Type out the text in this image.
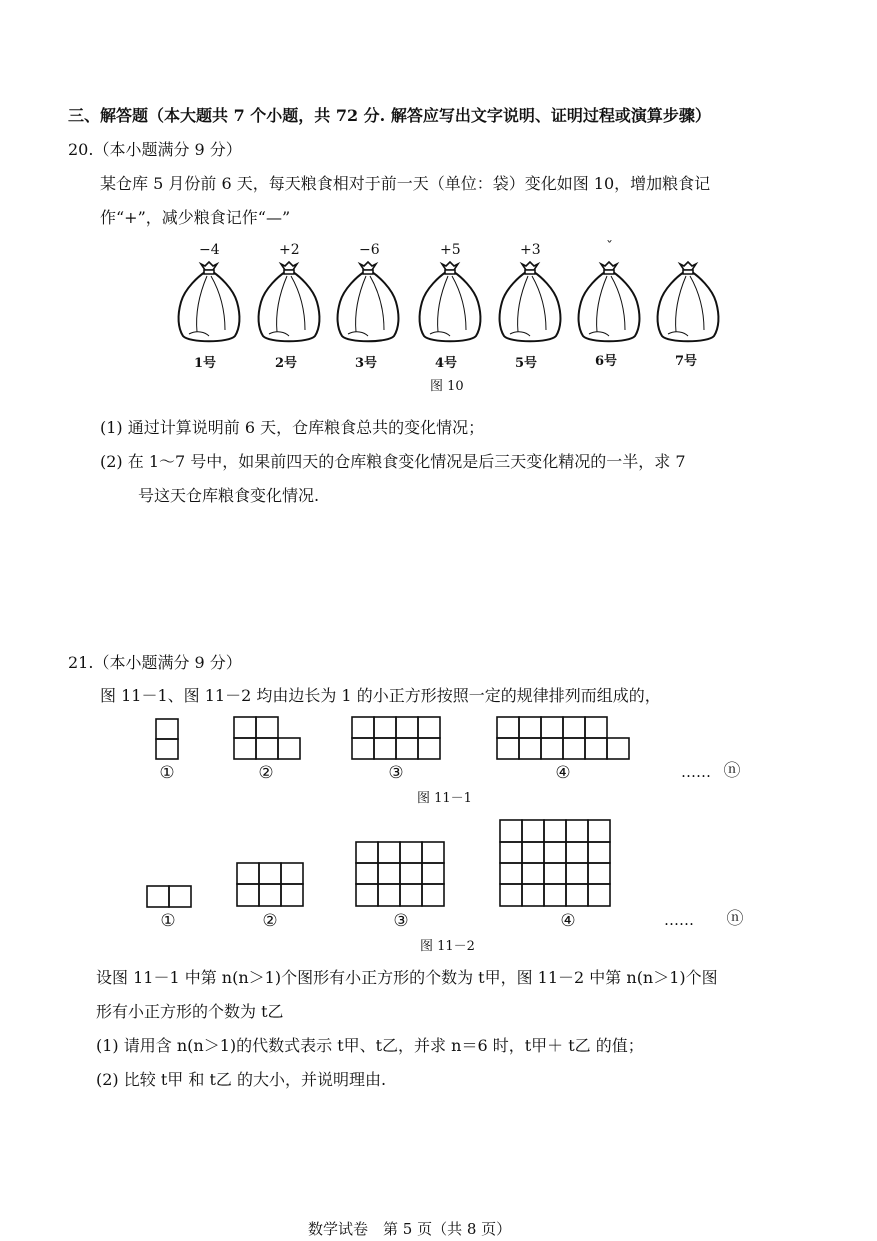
三、解答题（本大题共 7 个小题，共 72 分. 解答应写出文字说明、证明过程或演算步骤）
20.（本小题满分 9 分）
某仓库 5 月份前 6 天，每天粮食相对于前一天（单位：袋）变化如图 10，增加粮食记
作“+”，减少粮食记作“—”
−4	+2	−6	+5	+3	ˇ
1号	2号	3号	4号	5号	6号	7号
图 10
(1) 通过计算说明前 6 天，仓库粮食总共的变化情况；
(2) 在 1～7 号中，如果前四天的仓库粮食变化情况是后三天变化精况的一半，求 7
号这天仓库粮食变化情况.
21.（本小题满分 9 分）
图 11－1、图 11－2 均由边长为 1 的小正方形按照一定的规律排列而组成的，
①	②	③	④	…… ⓝ
图 11－1
①	②	③	④	……	ⓝ
图 11－2
设图 11－1 中第 n(n＞1)个图形有小正方形的个数为 t甲，图 11－2 中第 n(n＞1)个图
形有小正方形的个数为 t乙
(1) 请用含 n(n＞1)的代数式表示 t甲、t乙，并求 n＝6 时，t甲＋ t乙 的值；
(2) 比较 t甲 和 t乙 的大小，并说明理由.
数学试卷　第 5 页（共 8 页）
